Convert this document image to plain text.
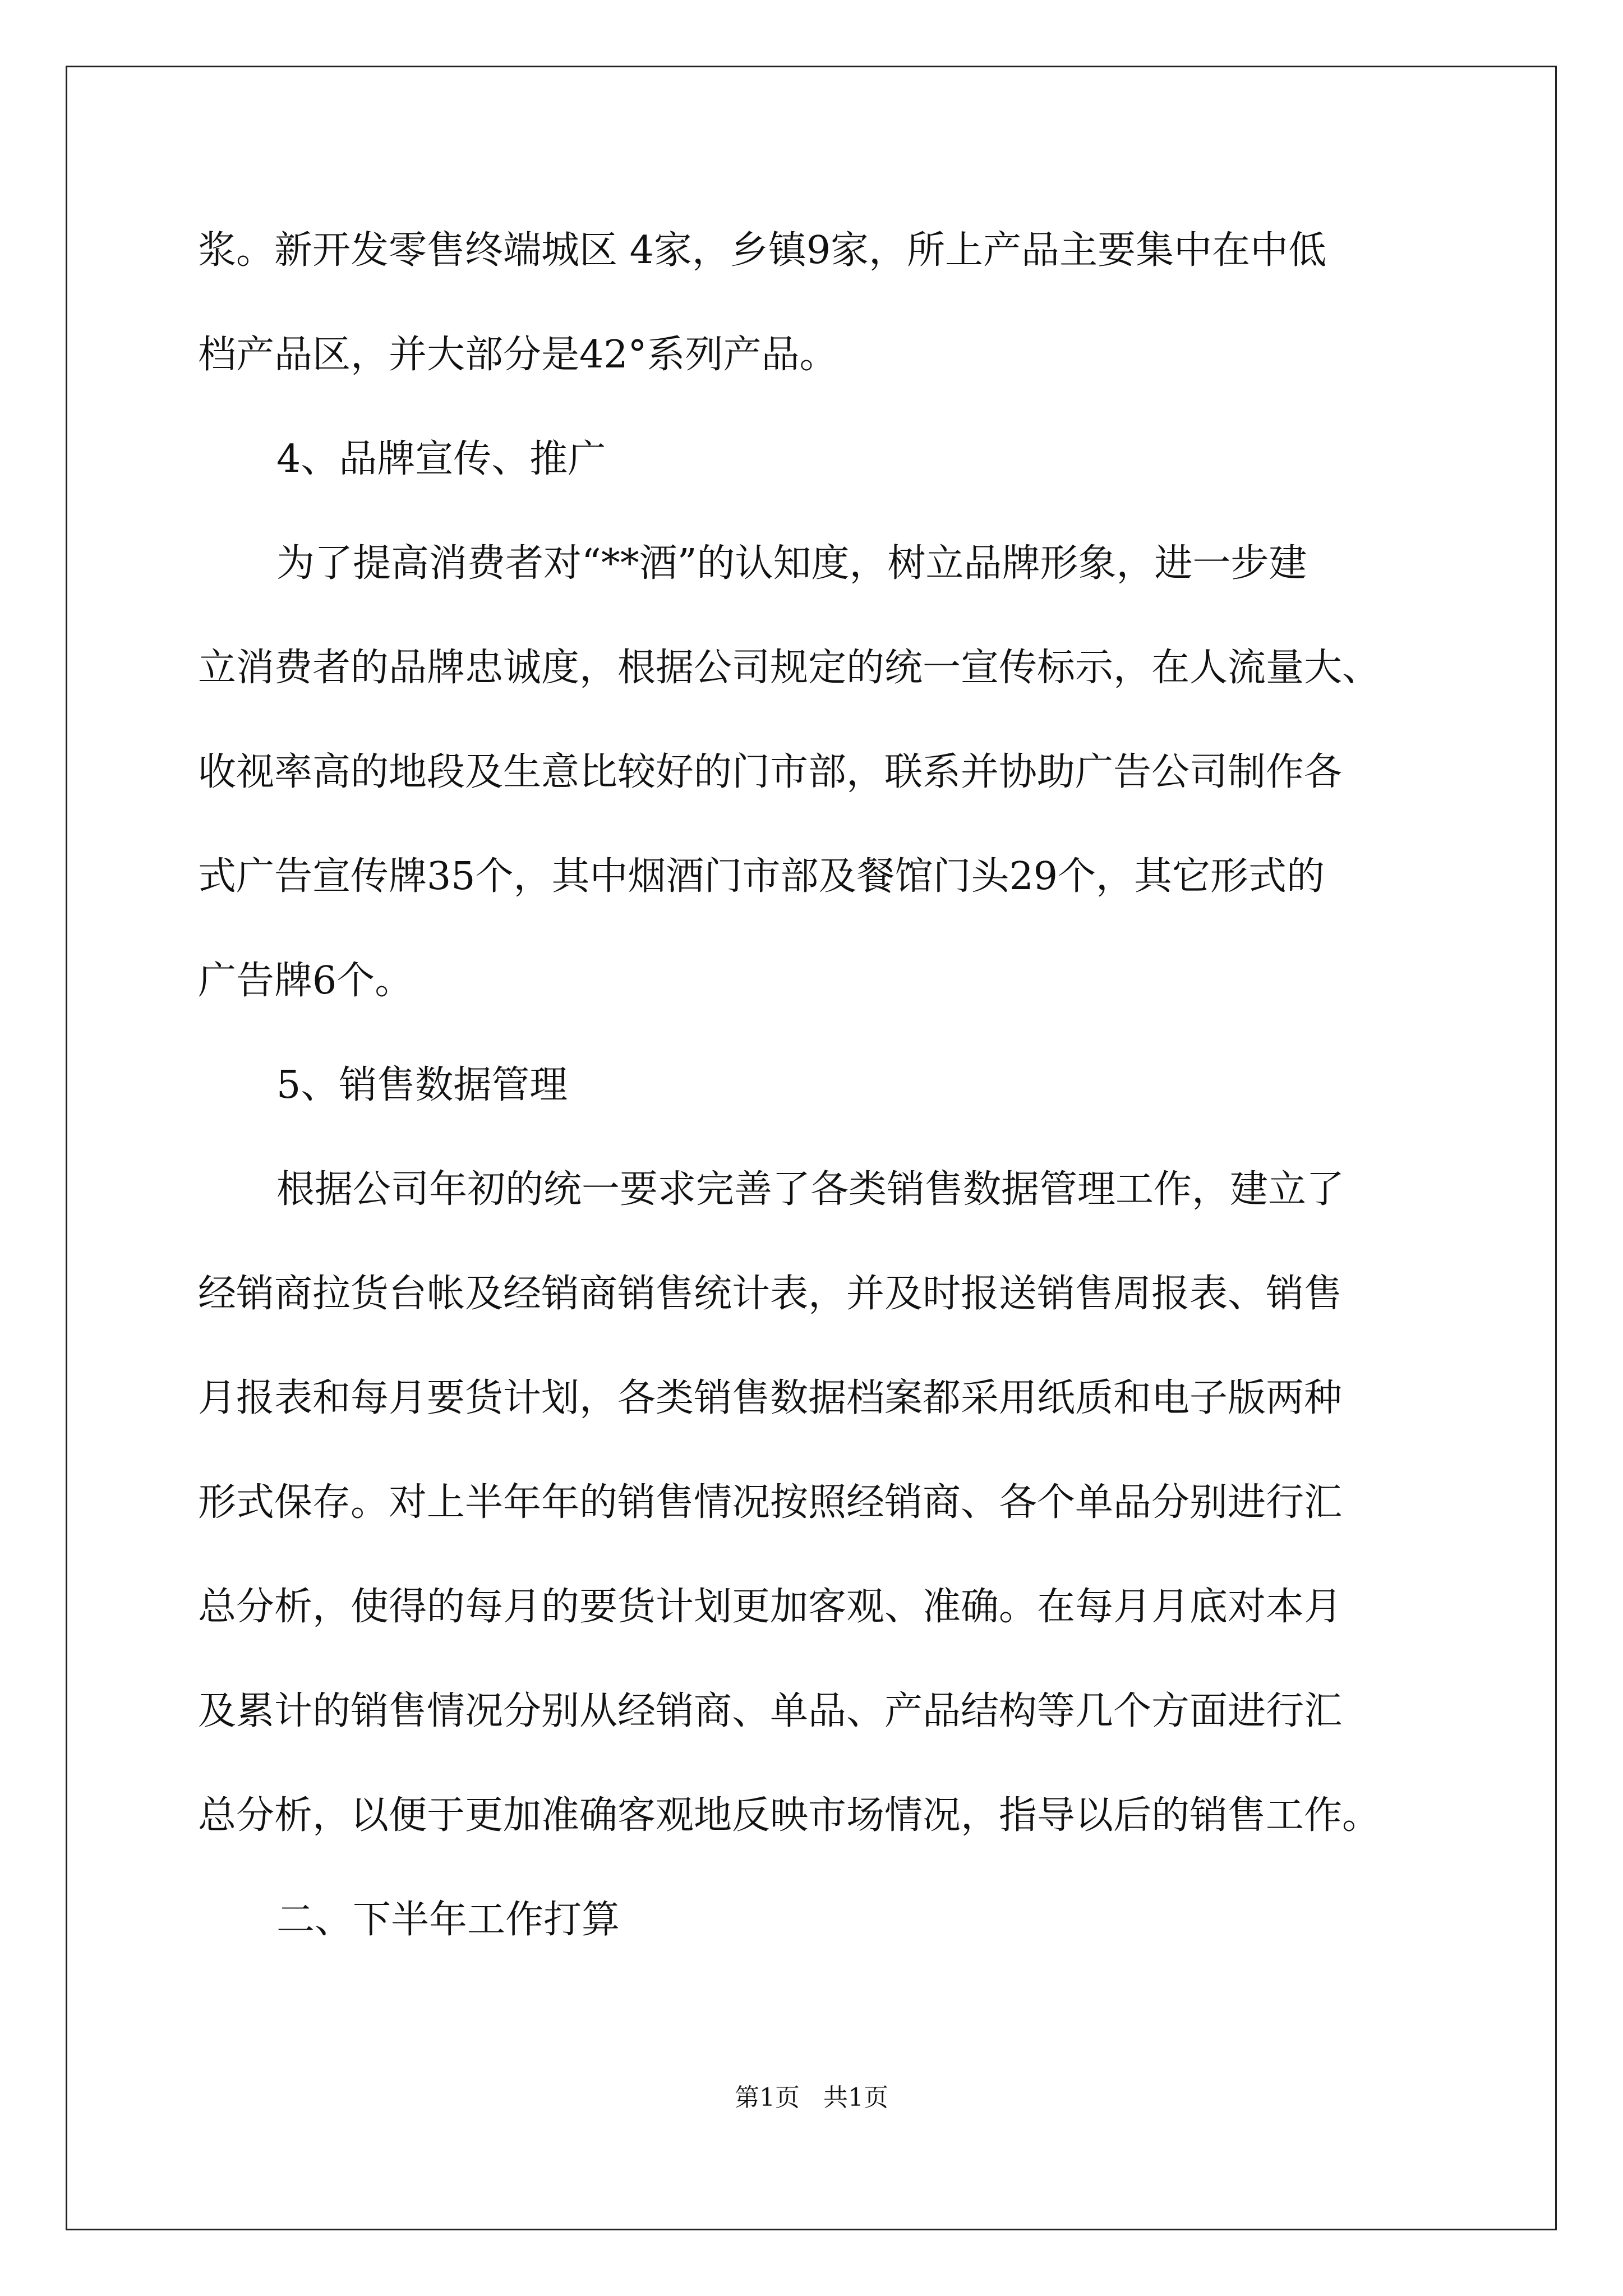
浆。新开发零售终端城区 4家，乡镇9家，所上产品主要集中在中低
档产品区，并大部分是42°系列产品。
4、品牌宣传、推广
为了提高消费者对“**酒”的认知度，树立品牌形象，进一步建
立消费者的品牌忠诚度，根据公司规定的统一宣传标示，在人流量大、
收视率高的地段及生意比较好的门市部，联系并协助广告公司制作各
式广告宣传牌35个，其中烟酒门市部及餐馆门头29个，其它形式的
广告牌6个。
5、销售数据管理
根据公司年初的统一要求完善了各类销售数据管理工作，建立了
经销商拉货台帐及经销商销售统计表，并及时报送销售周报表、销售
月报表和每月要货计划，各类销售数据档案都采用纸质和电子版两种
形式保存。对上半年年的销售情况按照经销商、各个单品分别进行汇
总分析，使得的每月的要货计划更加客观、准确。在每月月底对本月
及累计的销售情况分别从经销商、单品、产品结构等几个方面进行汇
总分析，以便于更加准确客观地反映市场情况，指导以后的销售工作。
二、下半年工作打算
第1页   共1页
